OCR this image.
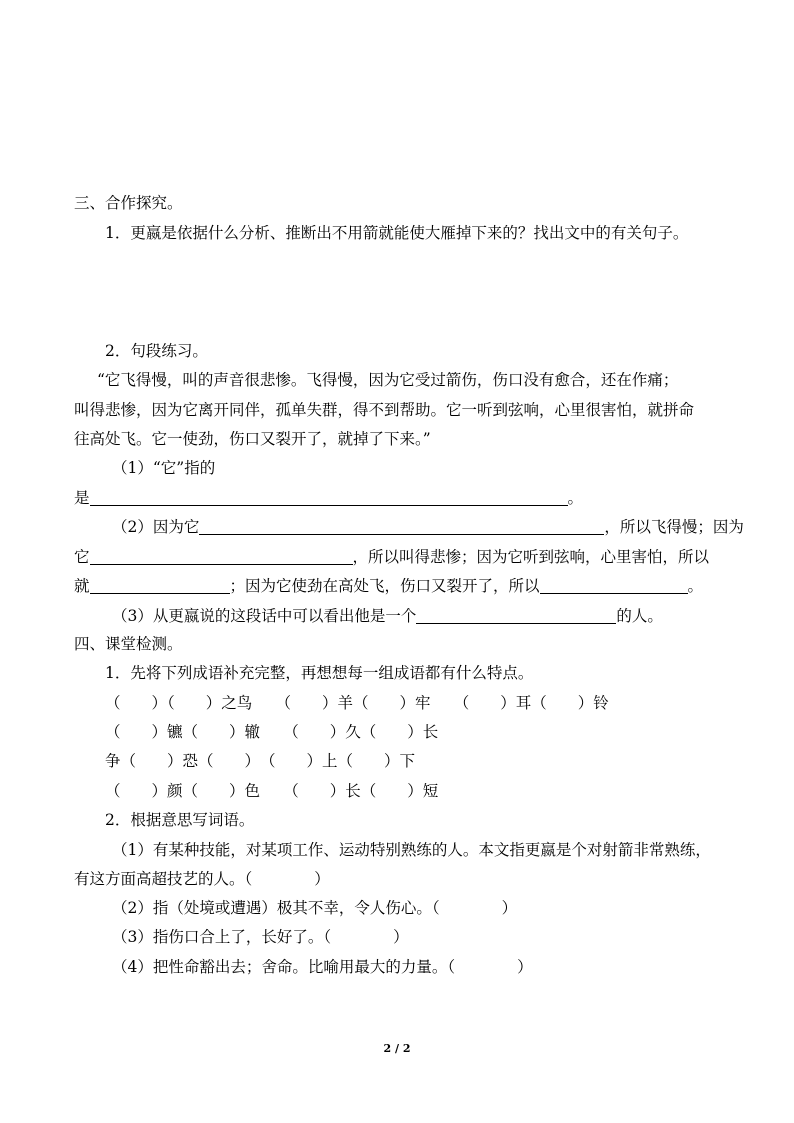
三、合作探究。
1．更嬴是依据什么分析、推断出不用箭就能使大雁掉下来的？找出文中的有关句子。
2．句段练习。
“它飞得慢，叫的声音很悲惨。飞得慢，因为它受过箭伤，伤口没有愈合，还在作痛；
叫得悲惨，因为它离开同伴，孤单失群，得不到帮助。它一听到弦响，心里很害怕，就拼命
往高处飞。它一使劲，伤口又裂开了，就掉了下来。”
（1）“它”指的
是	。
（2）因为它	，所以飞得慢；因为
它	，所以叫得悲惨；因为它听到弦响，心里害怕，所以
就	；因为它使劲在高处飞，伤口又裂开了，所以	。
（3）从更嬴说的这段话中可以看出他是一个	的人。
四、课堂检测。
1．先将下列成语补充完整，再想想每一组成语都有什么特点。
（　　）（　　）之鸟　　（　　）羊（　　）牢　　（　　）耳（　　）铃
（　　）镳（　　）辙　　（　　）久（　　）长
争（　　）恐（　　）　（　　）上（　　）下
（　　）颜（　　）色　　（　　）长（　　）短
2．根据意思写词语。
（1）有某种技能，对某项工作、运动特别熟练的人。本文指更嬴是个对射箭非常熟练，
有这方面高超技艺的人。（　　　　）
（2）指（处境或遭遇）极其不幸，令人伤心。（　　　　）
（3）指伤口合上了，长好了。（　　　　）
（4）把性命豁出去；舍命。比喻用最大的力量。（　　　　）
2 / 2
